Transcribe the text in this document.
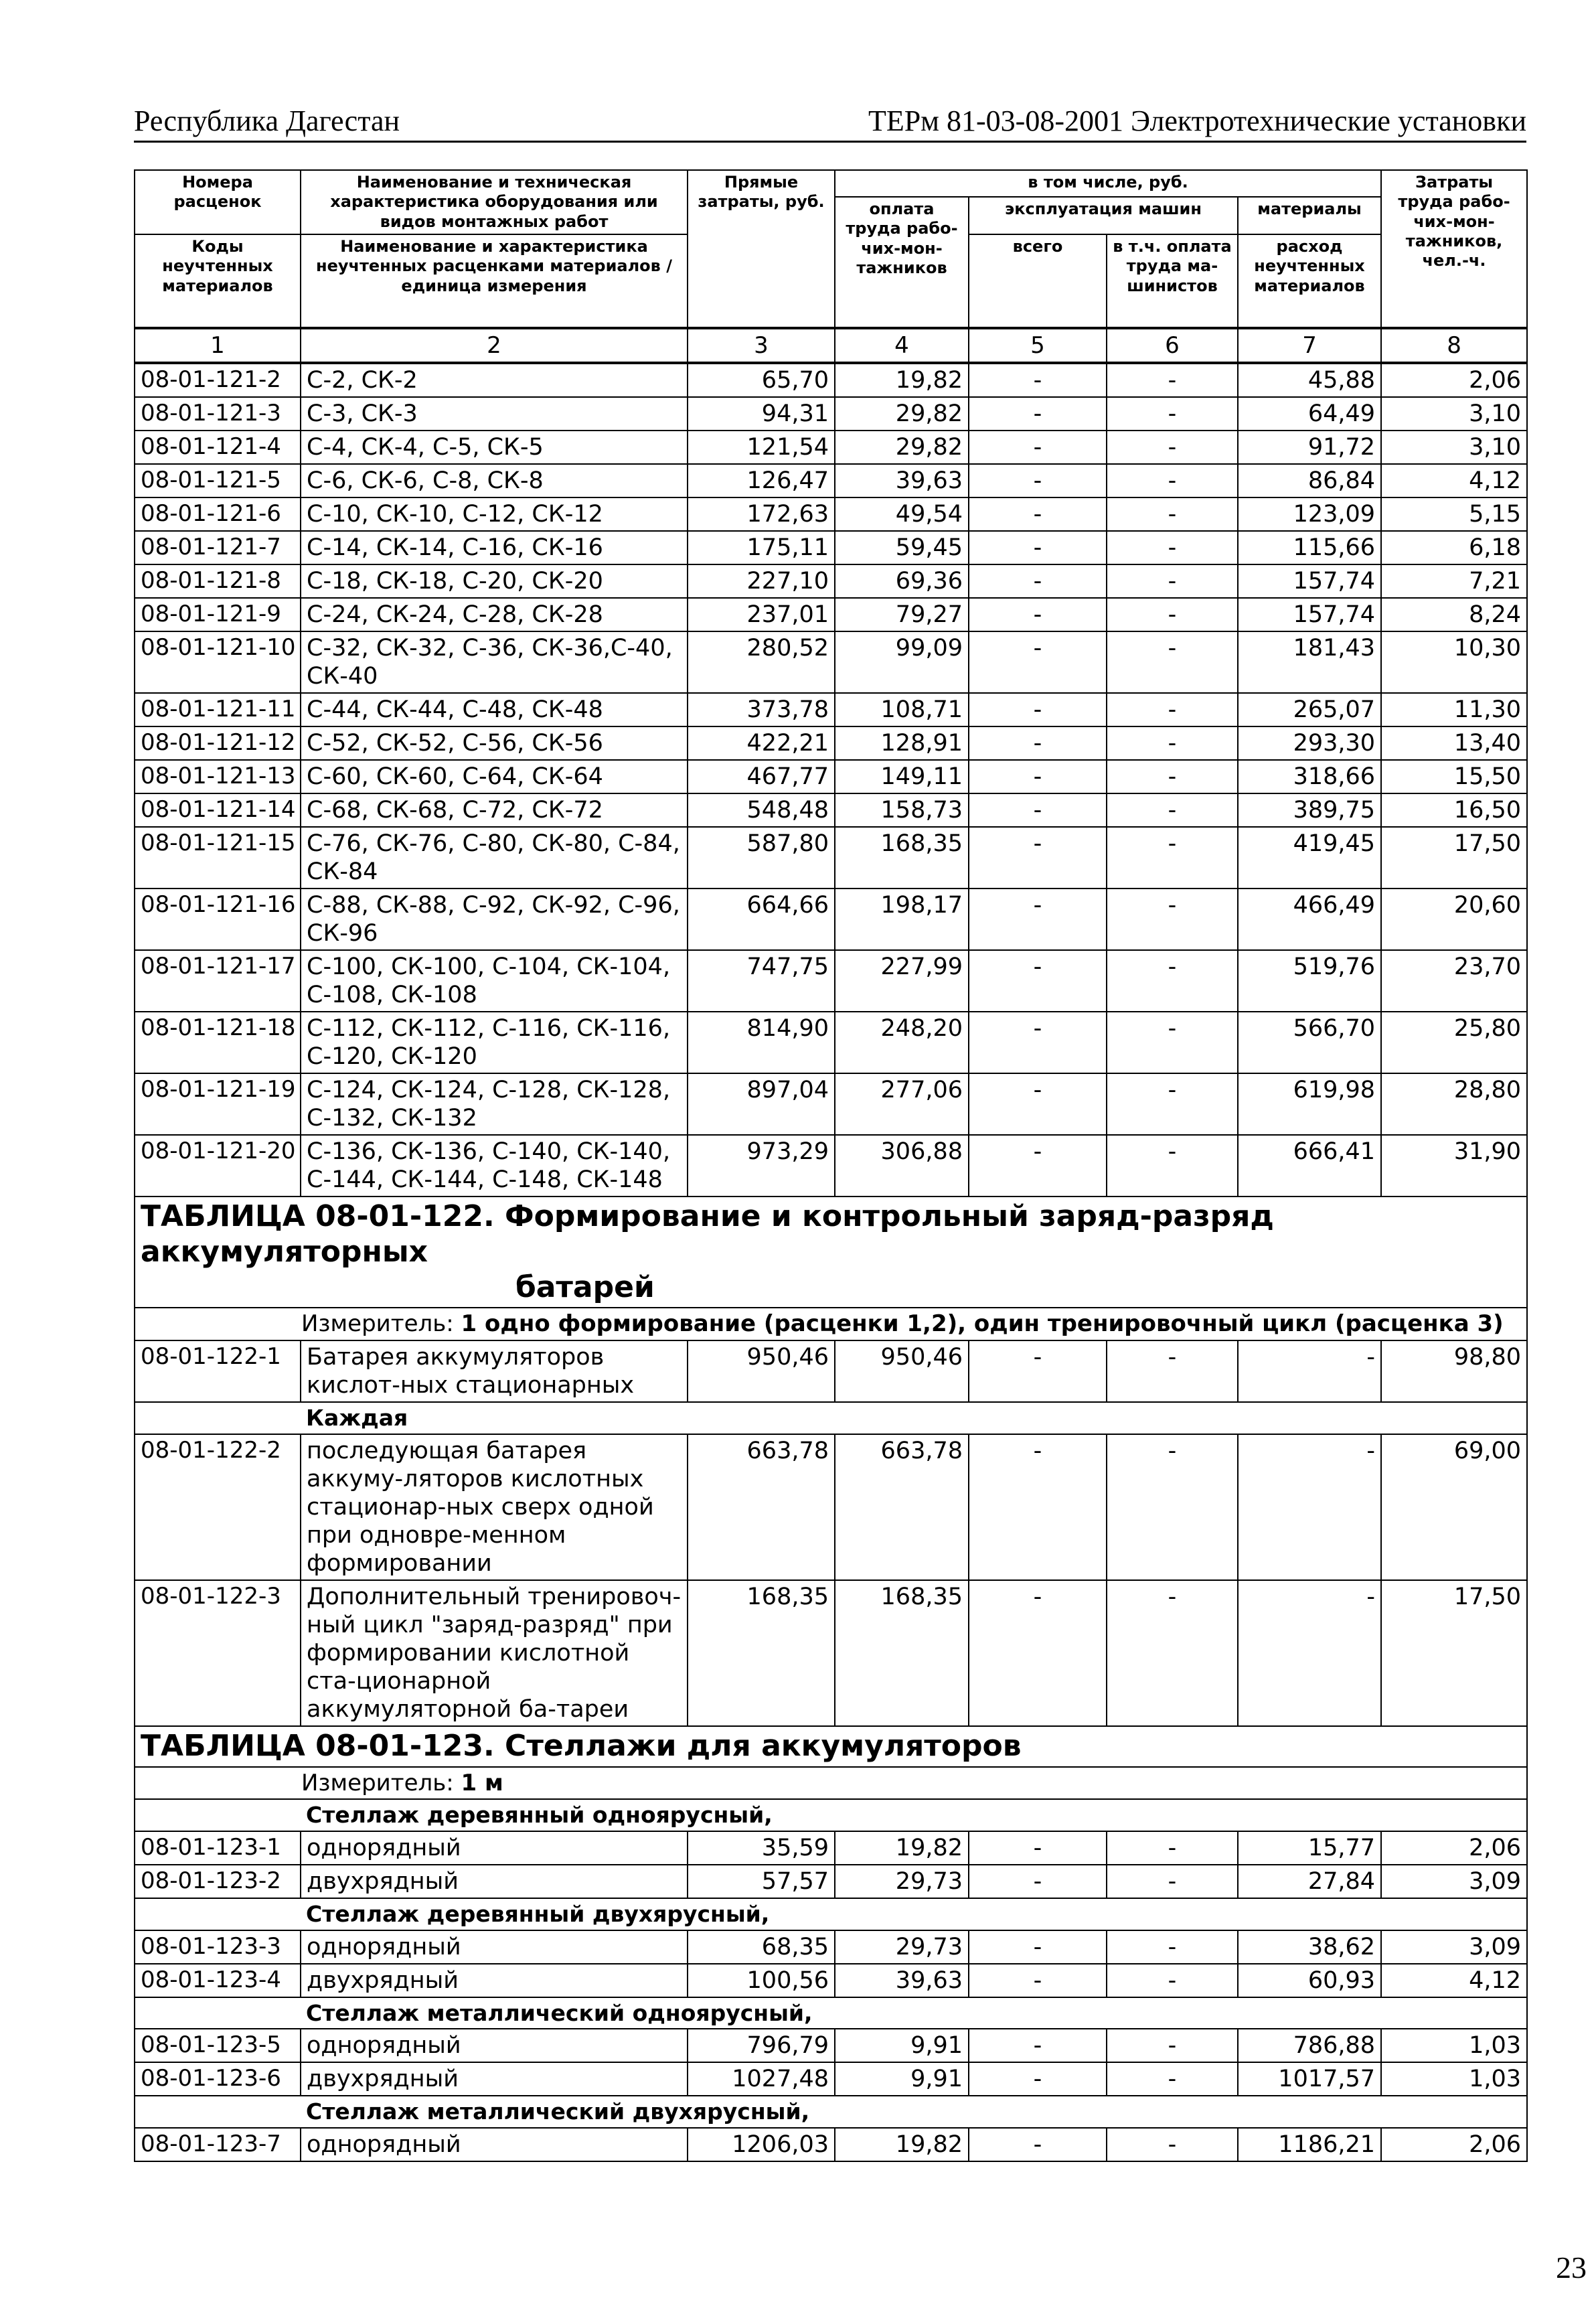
Республика Дагестан	ТЕРм 81-03-08-2001 Электротехнические установки
Номера расценок	Наименование и техническая характеристика оборудования или видов монтажных работ	Прямые затраты, руб.	в том числе, руб.				Затраты труда рабо-чих-мон-тажников, чел.-ч.
			оплата труда рабо-чих-мон-тажников	эксплуатация машин		материалы	
Коды неучтенных материалов	Наименование и характеристика неучтенных расценками материалов / единица измерения			всего	в т.ч. оплата труда ма-шинистов	расход неучтенных материалов	

1	2	3	4	5	6	7	8
08-01-121-2	С-2, СК-2	65,70	19,82	-	-	45,88	2,06
08-01-121-3	С-3, СК-3	94,31	29,82	-	-	64,49	3,10
08-01-121-4	С-4, СК-4, С-5, СК-5	121,54	29,82	-	-	91,72	3,10
08-01-121-5	С-6, СК-6, С-8, СК-8	126,47	39,63	-	-	86,84	4,12
08-01-121-6	С-10, СК-10, С-12, СК-12	172,63	49,54	-	-	123,09	5,15
08-01-121-7	С-14, СК-14, С-16, СК-16	175,11	59,45	-	-	115,66	6,18
08-01-121-8	С-18, СК-18, С-20, СК-20	227,10	69,36	-	-	157,74	7,21
08-01-121-9	С-24, СК-24, С-28, СК-28	237,01	79,27	-	-	157,74	8,24
08-01-121-10	С-32, СК-32, С-36, СК-36,С-40, СК-40	280,52	99,09	-	-	181,43	10,30
08-01-121-11	С-44, СК-44, С-48, СК-48	373,78	108,71	-	-	265,07	11,30
08-01-121-12	С-52, СК-52, С-56, СК-56	422,21	128,91	-	-	293,30	13,40
08-01-121-13	С-60, СК-60, С-64, СК-64	467,77	149,11	-	-	318,66	15,50
08-01-121-14	С-68, СК-68, С-72, СК-72	548,48	158,73	-	-	389,75	16,50
08-01-121-15	С-76, СК-76, С-80, СК-80, С-84, СК-84	587,80	168,35	-	-	419,45	17,50
08-01-121-16	С-88, СК-88, С-92, СК-92, С-96, СК-96	664,66	198,17	-	-	466,49	20,60
08-01-121-17	С-100, СК-100, С-104, СК-104, С-108, СК-108	747,75	227,99	-	-	519,76	23,70
08-01-121-18	С-112, СК-112, С-116, СК-116, С-120, СК-120	814,90	248,20	-	-	566,70	25,80
08-01-121-19	С-124, СК-124, С-128, СК-128, С-132, СК-132	897,04	277,06	-	-	619,98	28,80
08-01-121-20	С-136, СК-136, С-140, СК-140, С-144, СК-144, С-148, СК-148	973,29	306,88	-	-	666,41	31,90
ТАБЛИЦА 08-01-122. Формирование и контрольный заряд-разряд аккумуляторных
батарей							

Измеритель: 1 одно формирование (расценки 1,2), один тренировочный цикл (расценка 3)							
08-01-122-1	Батарея аккумуляторов кислот-ных стационарных	950,46	950,46	-	-	-	98,80
	Каждая						
08-01-122-2	последующая батарея аккуму-ляторов кислотных стационар-ных сверх одной при одновре-менном формировании	663,78	663,78	-	-	-	69,00
08-01-122-3	Дополнительный тренировоч-ный цикл "заряд-разряд" при формировании кислотной ста-ционарной аккумуляторной ба-тареи	168,35	168,35	-	-	-	17,50
ТАБЛИЦА 08-01-123. Стеллажи для аккумуляторов							
Измеритель: 1 м							
	Стеллаж деревянный одноярусный,						
08-01-123-1	однорядный	35,59	19,82	-	-	15,77	2,06
08-01-123-2	двухрядный	57,57	29,73	-	-	27,84	3,09
	Стеллаж деревянный двухярусный,						
08-01-123-3	однорядный	68,35	29,73	-	-	38,62	3,09
08-01-123-4	двухрядный	100,56	39,63	-	-	60,93	4,12
	Стеллаж металлический одноярусный,						
08-01-123-5	однорядный	796,79	9,91	-	-	786,88	1,03
08-01-123-6	двухрядный	1027,48	9,91	-	-	1017,57	1,03
	Стеллаж металлический двухярусный,						
08-01-123-7	однорядный	1206,03	19,82	-	-	1186,21	2,06
23
